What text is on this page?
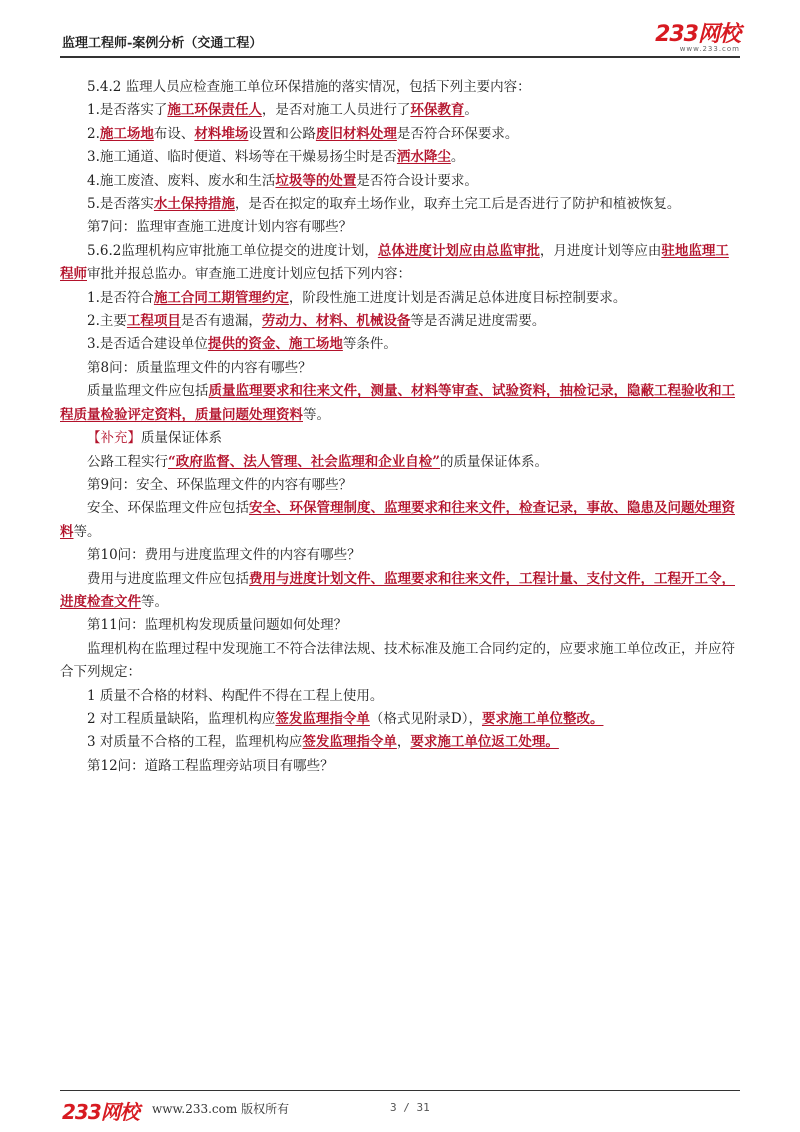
监理工程师-案例分析（交通工程）	233网校
www.233.com

5.4.2 监理人员应检查施工单位环保措施的落实情况，包括下列主要内容：

1.是否落实了施工环保责任人，是否对施工人员进行了环保教育。

2.施工场地布设、材料堆场设置和公路废旧材料处理是否符合环保要求。

3.施工通道、临时便道、料场等在干燥易扬尘时是否洒水降尘。

4.施工废渣、废料、废水和生活垃圾等的处置是否符合设计要求。

5.是否落实水土保持措施，是否在拟定的取弃土场作业，取弃土完工后是否进行了防护和植被恢复。

第7问：监理审查施工进度计划内容有哪些？

5.6.2监理机构应审批施工单位提交的进度计划，总体进度计划应由总监审批，月进度计划等应由驻地监理工程师审批并报总监办。审查施工进度计划应包括下列内容：

1.是否符合施工合同工期管理约定，阶段性施工进度计划是否满足总体进度目标控制要求。

2.主要工程项目是否有遗漏，劳动力、材料、机械设备等是否满足进度需要。

3.是否适合建设单位提供的资金、施工场地等条件。

第8问：质量监理文件的内容有哪些？

质量监理文件应包括质量监理要求和往来文件，测量、材料等审查、试验资料，抽检记录，隐蔽工程验收和工程质量检验评定资料，质量问题处理资料等。

【补充】质量保证体系

公路工程实行“政府监督、法人管理、社会监理和企业自检”的质量保证体系。

第9问：安全、环保监理文件的内容有哪些？

安全、环保监理文件应包括安全、环保管理制度、监理要求和往来文件，检查记录，事故、隐患及问题处理资料等。

第10问：费用与进度监理文件的内容有哪些？

费用与进度监理文件应包括费用与进度计划文件、监理要求和往来文件，工程计量、支付文件，工程开工令，进度检查文件等。

第11问：监理机构发现质量问题如何处理？

监理机构在监理过程中发现施工不符合法律法规、技术标准及施工合同约定的，应要求施工单位改正，并应符合下列规定：

1 质量不合格的材料、构配件不得在工程上使用。

2 对工程质量缺陷，监理机构应签发监理指令单（格式见附录D），要求施工单位整改。

3 对质量不合格的工程，监理机构应签发监理指令单，要求施工单位返工处理。

第12问：道路工程监理旁站项目有哪些？

233网校 www.233.com 版权所有	3 / 31
